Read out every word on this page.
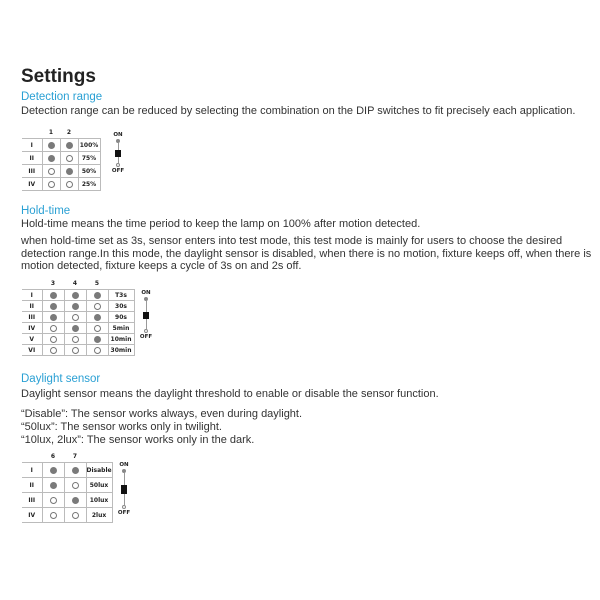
Settings

Detection range

Detection range can be reduced by selecting the combination on the DIP switches to fit precisely each application.

	1	2	
I			100%
II			75%
III			50%
IV			25%
ON
OFF

Hold-time

Hold-time means the time period to keep the lamp on 100% after motion detected.

when hold-time set as 3s, sensor enters into test mode, this test mode is mainly for users to choose the desired detection range.In this mode, the daylight sensor is disabled, when there is no motion, fixture keeps off, when there is motion detected, fixture keeps a cycle of 3s on and 2s off.

	3	4	5	
I				T3s
II				30s
III				90s
IV				5min
V				10min
VI				30min
ON
OFF

Daylight sensor

Daylight sensor means the daylight threshold to enable or disable the sensor function.

“Disable”: The sensor works always, even during daylight.

“50lux”: The sensor works only in twilight.

“10lux, 2lux”: The sensor works only in the dark.

	6	7	
I			Disable
II			50lux
III			10lux
IV			2lux
ON
OFF
